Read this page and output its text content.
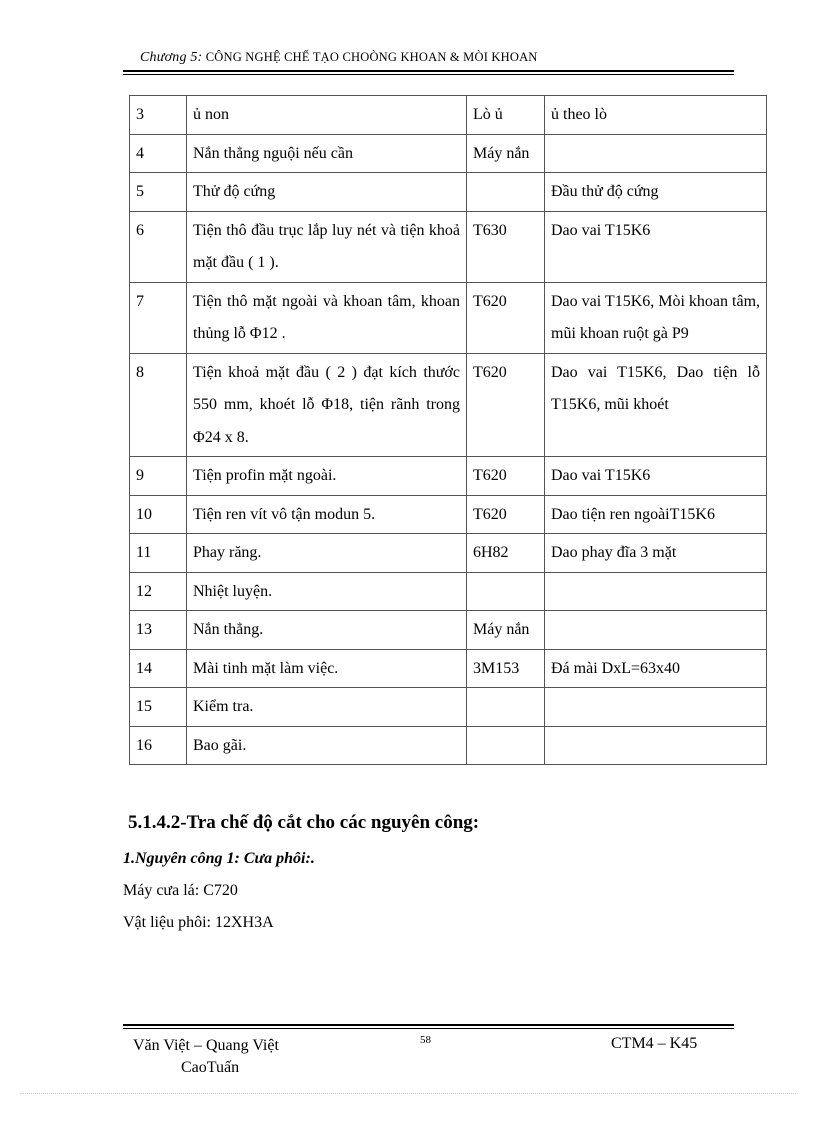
Chương 5: CÔNG NGHỆ CHẾ TẠO CHOÒNG KHOAN & MÒI KHOAN
3	ủ non	Lò ủ	ủ theo lò
4	Nắn thẳng nguội nếu cần	Máy nắn	
5	Thử độ cứng		Đầu thử độ cứng
6	Tiện thô đầu trục lắp luy nét và tiện khoả mặt đầu ( 1 ).	T630	Dao vai T15K6
7	Tiện thô mặt ngoài và khoan tâm, khoan thủng lỗ Φ12 .	T620	Dao vai T15K6, Mòi khoan tâm, mũi khoan ruột gà P9
8	Tiện khoả mặt đầu ( 2 ) đạt kích thước 550 mm, khoét lỗ Φ18, tiện rãnh trong Φ24 x 8.	T620	Dao vai T15K6, Dao tiện lỗ T15K6, mũi khoét
9	Tiện profin mặt ngoài.	T620	Dao vai T15K6
10	Tiện ren vít vô tận modun 5.	T620	Dao tiện ren ngoàiT15K6
11	Phay răng.	6H82	Dao phay đĩa 3 mặt
12	Nhiệt luyện.		
13	Nắn thẳng.	Máy nắn	
14	Mài tinh mặt làm việc.	3M153	Đá mài DxL=63x40
15	Kiểm tra.		
16	Bao gãi.		
5.1.4.2-Tra chế độ cắt cho các nguyên công:
1.Nguyên công 1: Cưa phôi:.
Máy cưa lá: C720
Vật liệu phôi: 12XH3A
Văn Việt – Quang Việt
CaoTuấn
58	CTM4 – K45
